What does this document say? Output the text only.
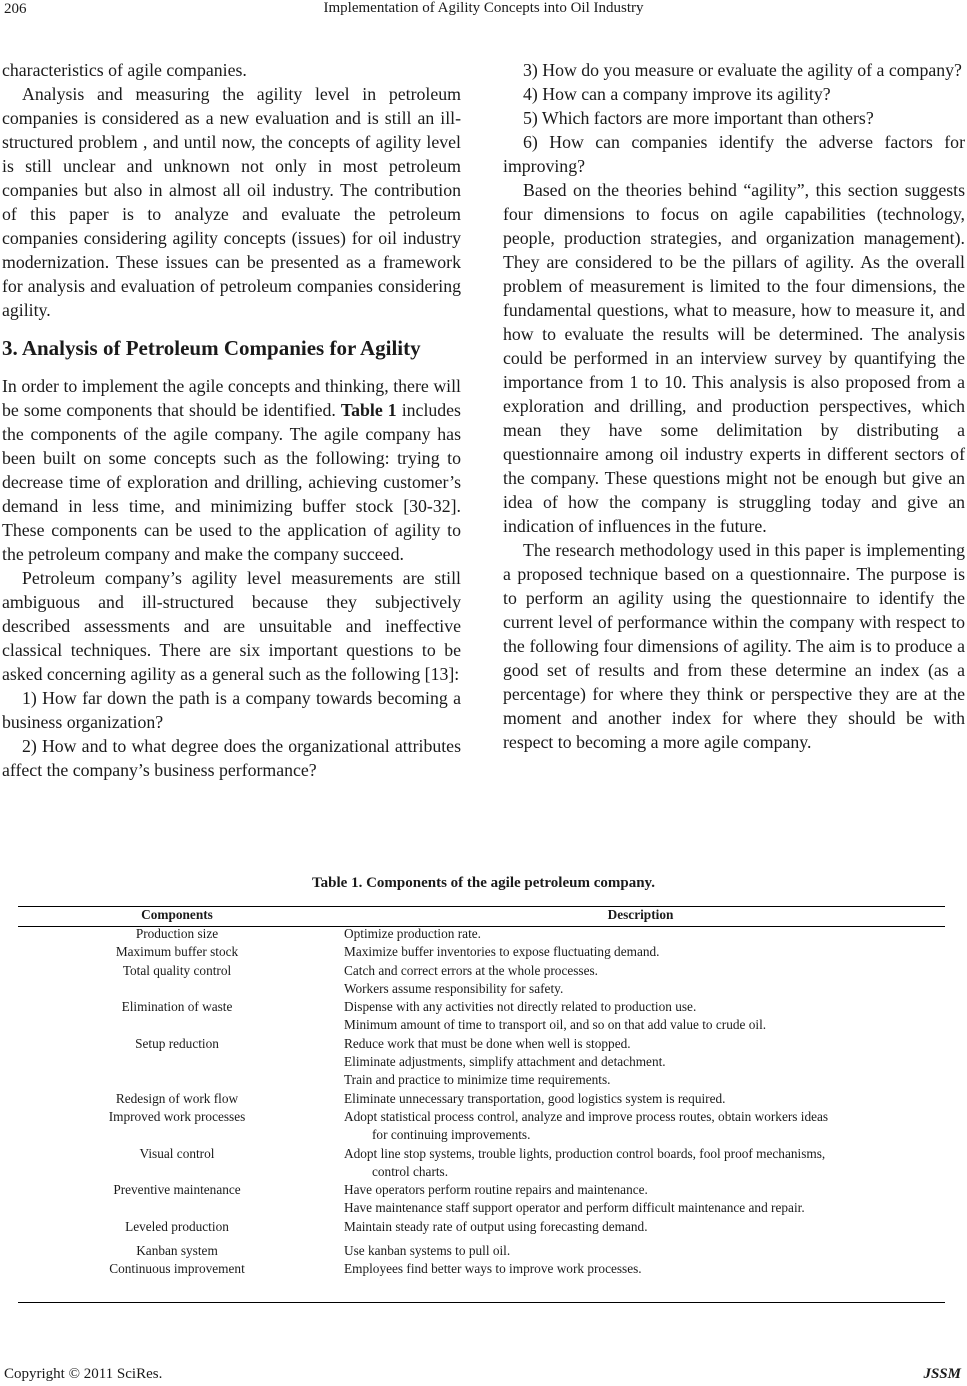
206	Implementation of Agility Concepts into Oil Industry

characteristics of agile companies.

Analysis and measuring the agility level in petroleum companies is considered as a new evaluation and is still an ill-structured problem , and until now, the concepts of agility level is still unclear and unknown not only in most petroleum companies but also in almost all oil industry. The contribution of this paper is to analyze and evaluate the petroleum companies considering agility concepts (issues) for oil industry modernization. These issues can be presented as a framework for analysis and evaluation of petroleum companies considering agility.

3. Analysis of Petroleum Companies for Agility

In order to implement the agile concepts and thinking, there will be some components that should be identified. Table 1 includes the components of the agile company. The agile company has been built on some concepts such as the following: trying to decrease time of exploration and drilling, achieving customer’s demand in less time, and minimizing buffer stock [30-32]. These components can be used to the application of agility to the petroleum company and make the company succeed.

Petroleum company’s agility level measurements are still ambiguous and ill-structured because they subjectively described assessments and are unsuitable and ineffective classical techniques. There are six important questions to be asked concerning agility as a general such as the following [13]:

1) How far down the path is a company towards becoming a business organization?

2) How and to what degree does the organizational attributes affect the company’s business performance?

3) How do you measure or evaluate the agility of a company?

4) How can a company improve its agility?

5) Which factors are more important than others?

6) How can companies identify the adverse factors for improving?

Based on the theories behind “agility”, this section suggests four dimensions to focus on agile capabilities (technology, people, production strategies, and organization management). They are considered to be the pillars of agility. As the overall problem of measurement is limited to the four dimensions, the fundamental questions, what to measure, how to measure it, and how to evaluate the results will be determined. The analysis could be performed in an interview survey by quantifying the importance from 1 to 10. This analysis is also proposed from a exploration and drilling, and production perspectives, which mean they have some delimitation by distributing a questionnaire among oil industry experts in different sectors of the company. These questions might not be enough but give an idea of how the company is struggling today and give an indication of influences in the future.

The research methodology used in this paper is implementing a proposed technique based on a questionnaire. The purpose is to perform an agility using the questionnaire to identify the current level of performance within the company with respect to the following four dimensions of agility. The aim is to produce a good set of results and from these determine an index (as a percentage) for where they think or perspective they are at the moment and another index for where they should be with respect to becoming a more agile company.

Table 1. Components of the agile petroleum company.
Components	Description
Production size	Optimize production rate.
Maximum buffer stock	Maximize buffer inventories to expose fluctuating demand.
Total quality control	Catch and correct errors at the whole processes.
Workers assume responsibility for safety.
Elimination of waste	Dispense with any activities not directly related to production use.
Minimum amount of time to transport oil, and so on that add value to crude oil.
Setup reduction	Reduce work that must be done when well is stopped.
Eliminate adjustments, simplify attachment and detachment.
Train and practice to minimize time requirements.
Redesign of work flow	Eliminate unnecessary transportation, good logistics system is required.
Improved work processes	Adopt statistical process control, analyze and improve process routes, obtain workers ideas
for continuing improvements.
Visual control	Adopt line stop systems, trouble lights, production control boards, fool proof mechanisms,
control charts.
Preventive maintenance	Have operators perform routine repairs and maintenance.
Have maintenance staff support operator and perform difficult maintenance and repair.
Leveled production	Maintain steady rate of output using forecasting demand.
Kanban system	Use kanban systems to pull oil.
Continuous improvement	Employees find better ways to improve work processes.
Copyright © 2011 SciRes.	JSSM
